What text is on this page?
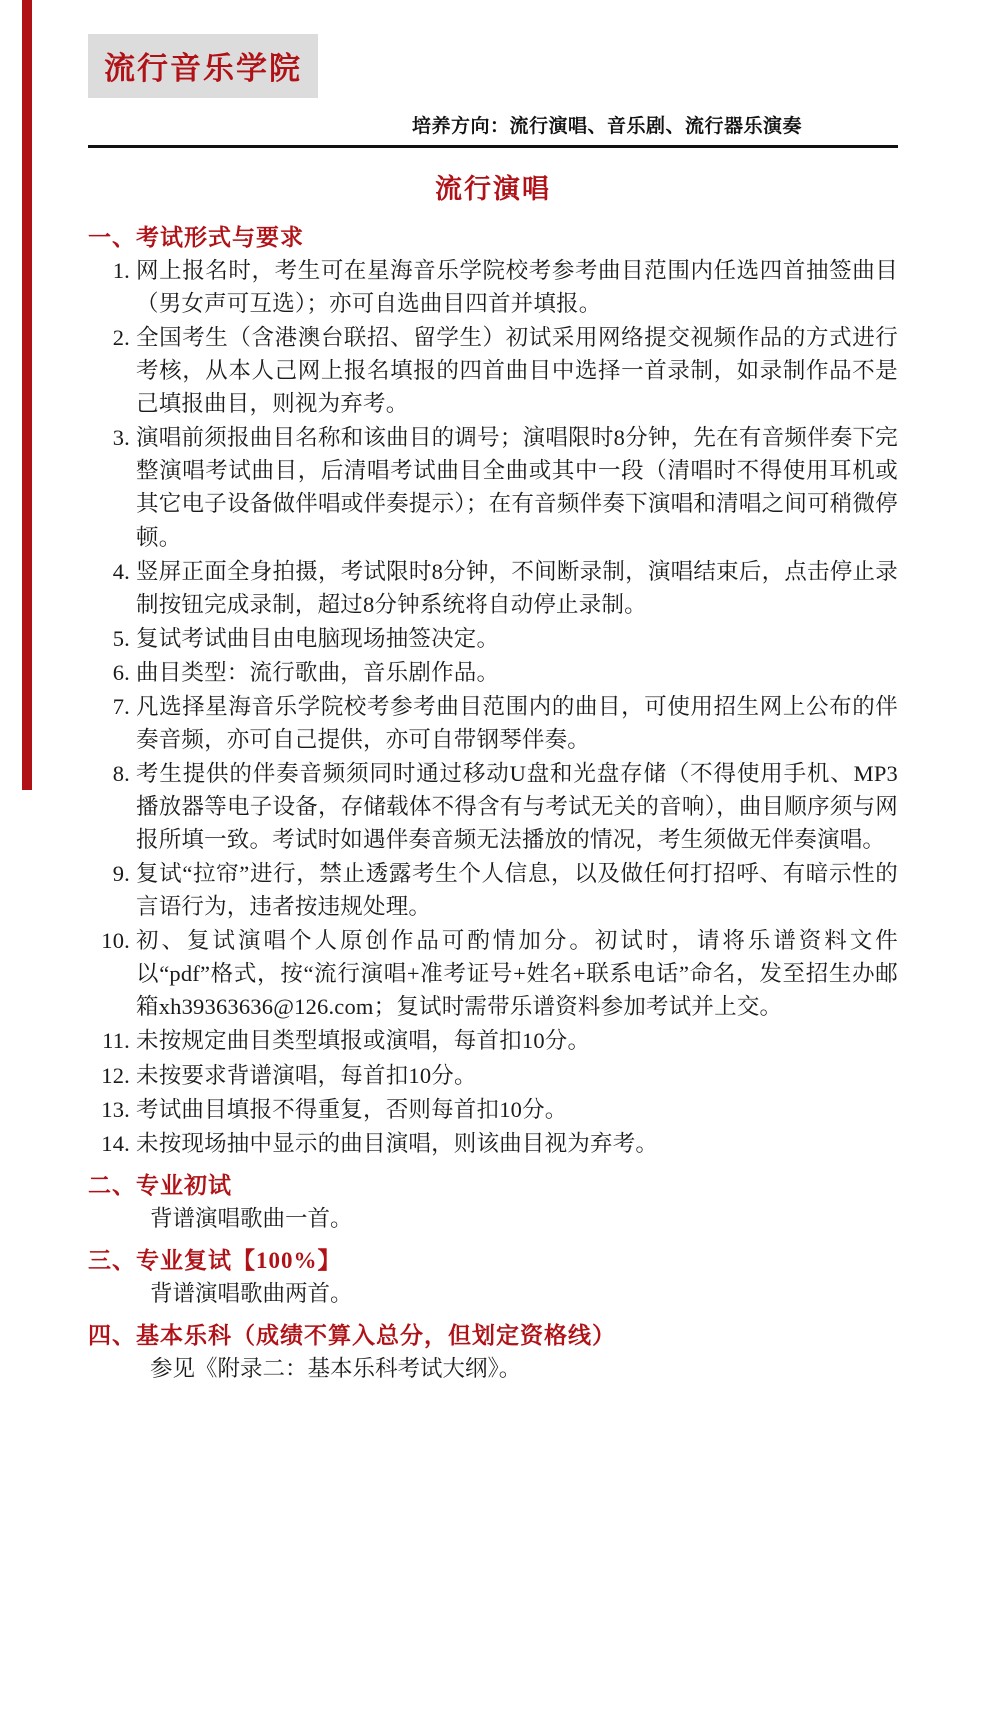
流行音乐学院
培养方向：流行演唱、音乐剧、流行器乐演奏
流行演唱
一、考试形式与要求
1. 网上报名时，考生可在星海音乐学院校考参考曲目范围内任选四首抽签曲目（男女声可互选）；亦可自选曲目四首并填报。
2. 全国考生（含港澳台联招、留学生）初试采用网络提交视频作品的方式进行考核，从本人己网上报名填报的四首曲目中选择一首录制，如录制作品不是己填报曲目，则视为弃考。
3. 演唱前须报曲目名称和该曲目的调号；演唱限时8分钟，先在有音频伴奏下完整演唱考试曲目，后清唱考试曲目全曲或其中一段（清唱时不得使用耳机或其它电子设备做伴唱或伴奏提示）；在有音频伴奏下演唱和清唱之间可稍微停顿。
4. 竖屏正面全身拍摄，考试限时8分钟，不间断录制，演唱结束后，点击停止录制按钮完成录制，超过8分钟系统将自动停止录制。
5. 复试考试曲目由电脑现场抽签决定。
6. 曲目类型：流行歌曲，音乐剧作品。
7. 凡选择星海音乐学院校考参考曲目范围内的曲目，可使用招生网上公布的伴奏音频，亦可自己提供，亦可自带钢琴伴奏。
8. 考生提供的伴奏音频须同时通过移动U盘和光盘存储（不得使用手机、MP3播放器等电子设备，存储载体不得含有与考试无关的音响），曲目顺序须与网报所填一致。考试时如遇伴奏音频无法播放的情况，考生须做无伴奏演唱。
9. 复试“拉帘”进行，禁止透露考生个人信息，以及做任何打招呼、有暗示性的言语行为，违者按违规处理。
10. 初、复试演唱个人原创作品可酌情加分。初试时，请将乐谱资料文件以“pdf”格式，按“流行演唱+准考证号+姓名+联系电话”命名，发至招生办邮箱xh39363636@126.com；复试时需带乐谱资料参加考试并上交。
11. 未按规定曲目类型填报或演唱，每首扣10分。
12. 未按要求背谱演唱，每首扣10分。
13. 考试曲目填报不得重复，否则每首扣10分。
14. 未按现场抽中显示的曲目演唱，则该曲目视为弃考。
二、专业初试
背谱演唱歌曲一首。
三、专业复试【100%】
背谱演唱歌曲两首。
四、基本乐科（成绩不算入总分，但划定资格线）
参见《附录二：基本乐科考试大纲》。
